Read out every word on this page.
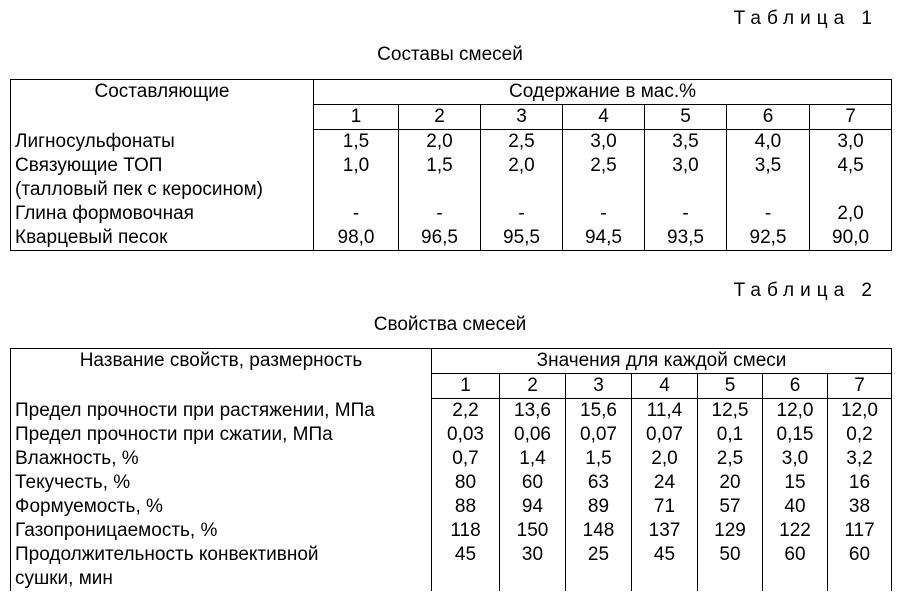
Таблица 1
Составы смесей
Составляющие	Содержание в мас.%						
	1	2	3	4	5	6	7
Лигносульфонаты	1,5	2,0	2,5	3,0	3,5	4,0	3,0
Связующие ТОП	1,0	1,5	2,0	2,5	3,0	3,5	4,5
(талловый пек с керосином)							
Глина формовочная	-	-	-	-	-	-	2,0
Кварцевый песок	98,0	96,5	95,5	94,5	93,5	92,5	90,0
Таблица 2
Свойства смесей
Название свойств, размерность	Значения для каждой смеси						
	1	2	3	4	5	6	7
Предел прочности при растяжении, МПа	2,2	13,6	15,6	11,4	12,5	12,0	12,0
Предел прочности при сжатии, МПа	0,03	0,06	0,07	0,07	0,1	0,15	0,2
Влажность, %	0,7	1,4	1,5	2,0	2,5	3,0	3,2
Текучесть, %	80	60	63	24	20	15	16
Формуемость, %	88	94	89	71	57	40	38
Газопроницаемость, %	118	150	148	137	129	122	117
Продолжительность конвективной	45	30	25	45	50	60	60
сушки, мин							
